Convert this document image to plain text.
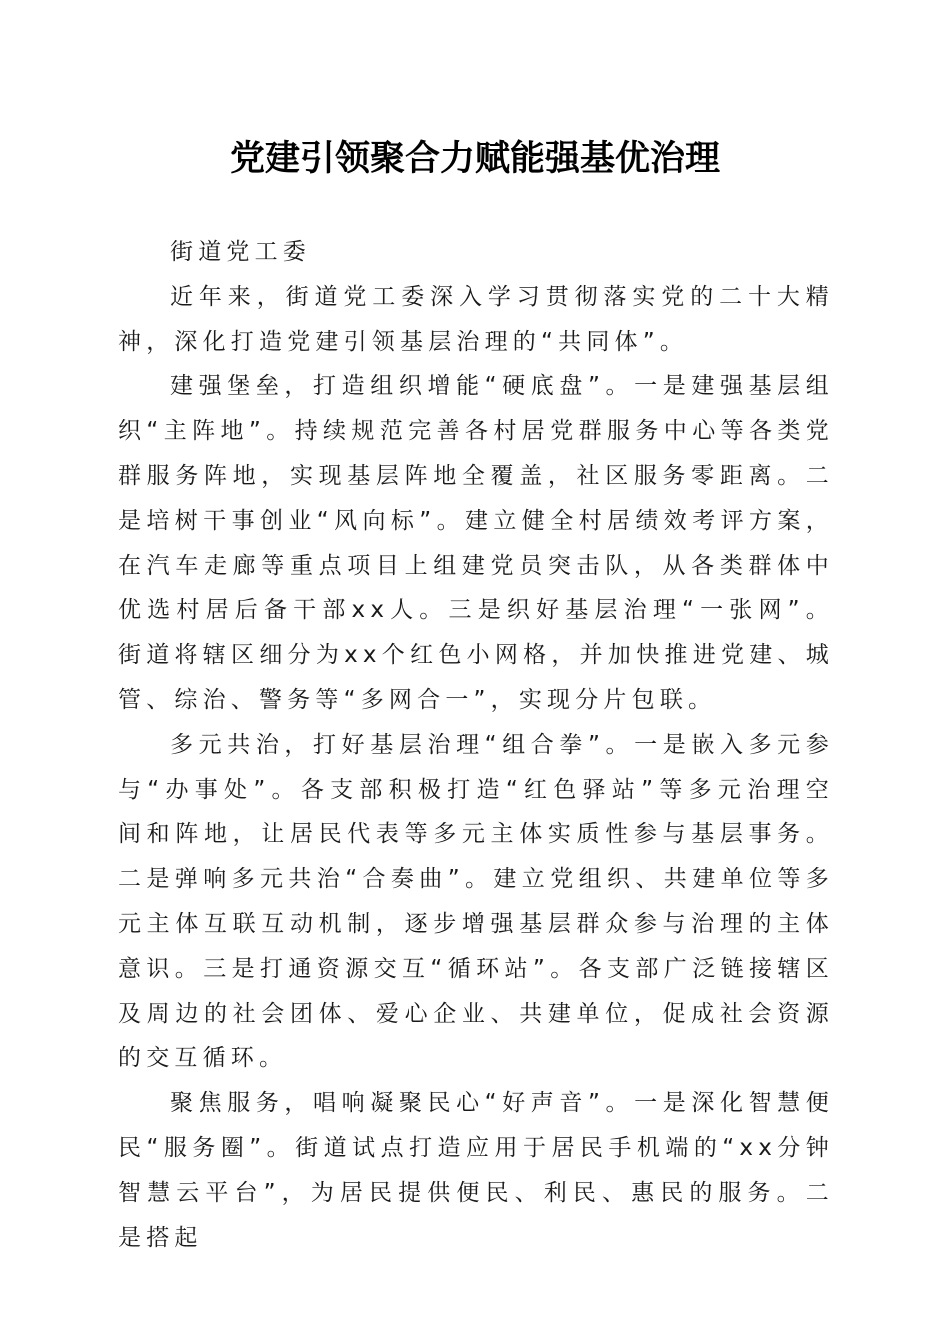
党建引领聚合力赋能强基优治理

街道党工委

近年来，街道党工委深入学习贯彻落实党的二十大精神，深化打造党建引领基层治理的“共同体”。

建强堡垒，打造组织增能“硬底盘”。一是建强基层组织“主阵地”。持续规范完善各村居党群服务中心等各类党群服务阵地，实现基层阵地全覆盖，社区服务零距离。二是培树干事创业“风向标”。建立健全村居绩效考评方案，在汽车走廊等重点项目上组建党员突击队，从各类群体中优选村居后备干部xx人。三是织好基层治理“一张网”。街道将辖区细分为xx个红色小网格，并加快推进党建、城管、综治、警务等“多网合一”，实现分片包联。

多元共治，打好基层治理“组合拳”。一是嵌入多元参与“办事处”。各支部积极打造“红色驿站”等多元治理空间和阵地，让居民代表等多元主体实质性参与基层事务。二是弹响多元共治“合奏曲”。建立党组织、共建单位等多元主体互联互动机制，逐步增强基层群众参与治理的主体意识。三是打通资源交互“循环站”。各支部广泛链接辖区及周边的社会团体、爱心企业、共建单位，促成社会资源的交互循环。

聚焦服务，唱响凝聚民心“好声音”。一是深化智慧便民“服务圈”。街道试点打造应用于居民手机端的“xx分钟智慧云平台”，为居民提供便民、利民、惠民的服务。二是搭起
